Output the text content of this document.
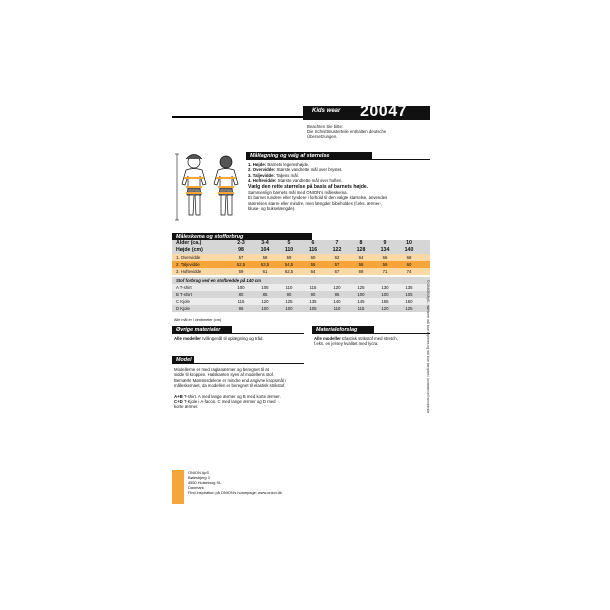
Kids wear 20047
Beachten Sie bitte:
Die Schnittmusterteile enthalten deutsche
Übersetzungen.
Måltagning og valg af størrelse
1. Højde: Barnets legemshøjde.
2. Overvidde: Største vandrette mål over brystet.
3. Taljevidde: Taljens mål.
4. Hoftevidde: Største vandrette mål over hoften.
Vælg den rette størrelse på basis af barnets højde.
Sammenlign barnets mål med ONION's måleskema.
Er barnet rundere eller tyndere i forhold til den valgte størrelse, anvendes
størrelsen større eller mindre, men længder bibeholdes (f.eks. ærmer-,
bluse- og bukselængde).
Måleskema og stofforbrug
Alder (ca.)	2-3	3-4	5	6	7	8	9	10
Højde (cm)	98	104	110	116	122	128	134	140
1. Overvidde	57	58	59	60	62	64	66	68
2. Taljevidde	52,5	53,5	54,5	55	57	58	59	60
3. Hoftevidde	59	61	62,5	64	67	69	71	74
Stof forbrug ved en stofbredde på 140 cm
A T-shirt	100	105	110	115	120	125	130	135
B T-shirt	80	85	90	90	95	100	100	105
C Kjole	115	120	125	135	140	145	155	160
D Kjole	95	100	100	105	110	115	120	125
Alle mål er i centimeter (cm)
Øvrige materialer
Alle modeller tvillingenål til oplægning og tråd.
Materialeforslag
Alle modeller Elastisk strikstof med stretch,
f.eks. en jersey kvalitet med lycra.
Model
Modellerne er med raglanærmer og beregnet til at
sidde til kroppen. Halskanten syes af modellens stof.
Bemærk! Mønsterdelene er mindre end angivne kropsmål i
måleskemaet, da modellen er beregnet til elastisk strikstof.
A+B T-shirt. A med lange ærmer og B med korte ærmer.
C+D T-Kjole i A-facon. C med lange ærmer og D med
korte ærmer.
ONION ApS
Bøiesbjerg 3
4550 Holsebrog SL
Danmark
Find inspiration på ONION's homepage: www.onion.dk
© ONION ApS - mønstret må ikke kopieres og må ikke benyttes i kommerciel henseende
